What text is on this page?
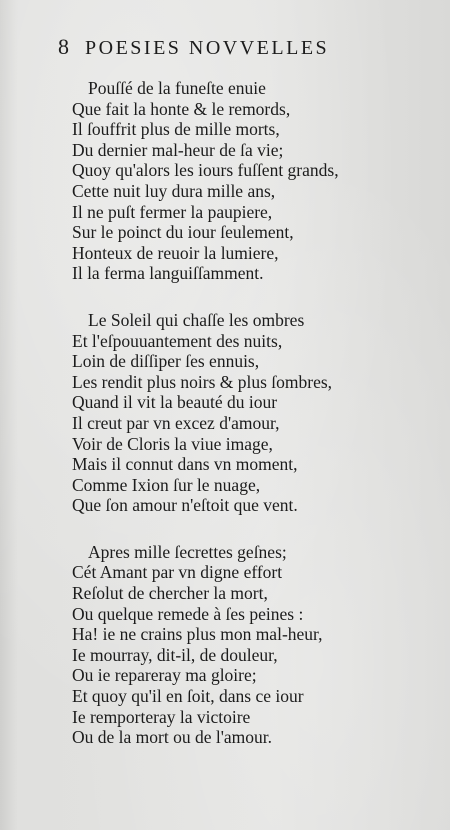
8 POESIES NOVVELLES
Pouſſé de la funeſte enuie
Que fait la honte & le remords,
Il ſouffrit plus de mille morts,
Du dernier mal-heur de ſa vie;
Quoy qu'alors les iours fuſſent grands,
Cette nuit luy dura mille ans,
Il ne puſt fermer la paupiere,
Sur le poinct du iour ſeulement,
Honteux de reuoir la lumiere,
Il la ferma languiſſamment.
Le Soleil qui chaſſe les ombres
Et l'eſpouuantement des nuits,
Loin de diſſiper ſes ennuis,
Les rendit plus noirs & plus ſombres,
Quand il vit la beauté du iour
Il creut par vn excez d'amour,
Voir de Cloris la viue image,
Mais il connut dans vn moment,
Comme Ixion ſur le nuage,
Que ſon amour n'eſtoit que vent.
Apres mille ſecrettes geſnes;
Cét Amant par vn digne effort
Reſolut de chercher la mort,
Ou quelque remede à ſes peines :
Ha! ie ne crains plus mon mal-heur,
Ie mourray, dit-il, de douleur,
Ou ie repareray ma gloire;
Et quoy qu'il en ſoit, dans ce iour
Ie remporteray la victoire
Ou de la mort ou de l'amour.
